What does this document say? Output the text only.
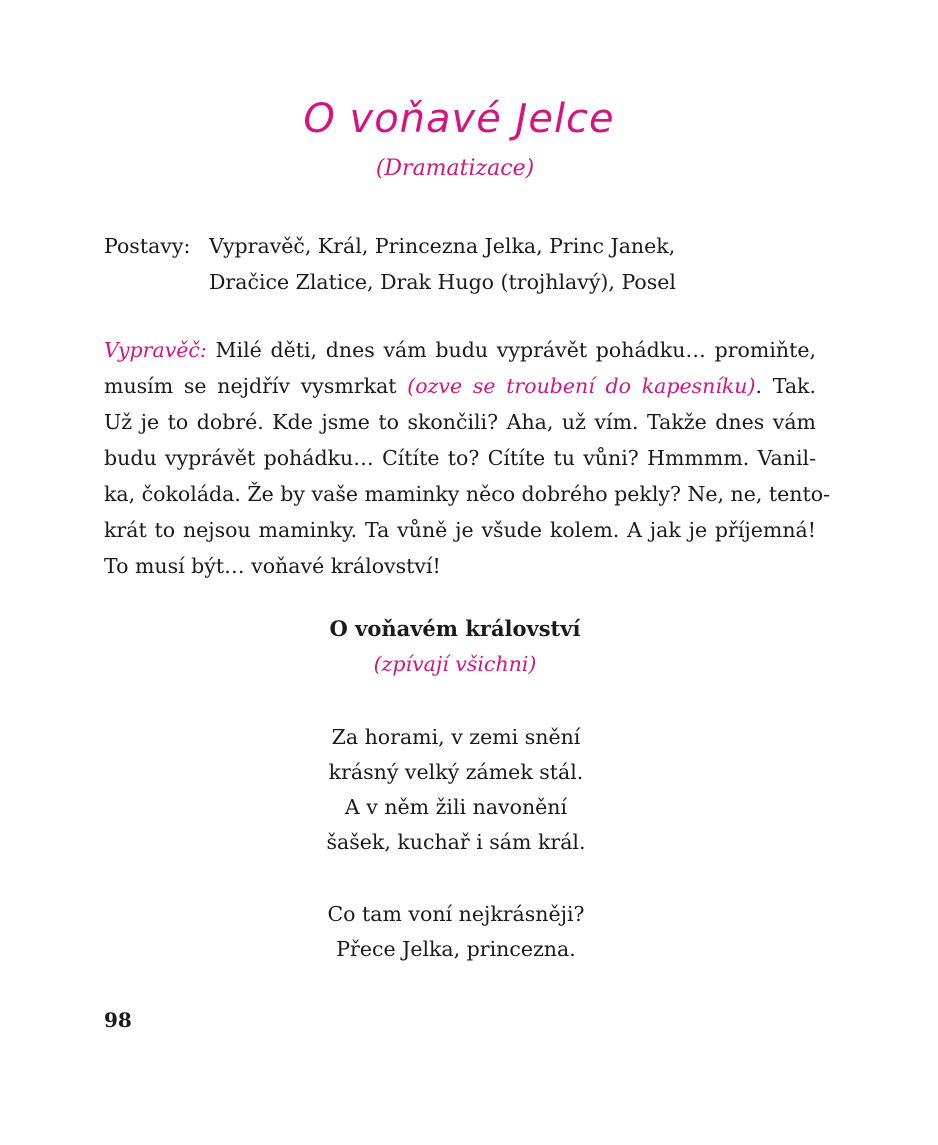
O voňavé Jelce
(Dramatizace)
Postavy: Vypravěč, Král, Princezna Jelka, Princ Janek,
Dračice Zlatice, Drak Hugo (trojhlavý), Posel
Vypravěč: Milé děti, dnes vám budu vyprávět pohádku… promiňte,
musím se nejdřív vysmrkat (ozve se troubení do kapesníku). Tak.
Už je to dobré. Kde jsme to skončili? Aha, už vím. Takže dnes vám
budu vyprávět pohádku… Cítíte to? Cítíte tu vůni? Hmmmm. Vanil-
ka, čokoláda. Že by vaše maminky něco dobrého pekly? Ne, ne, tento-
krát to nejsou maminky. Ta vůně je všude kolem. A jak je příjemná!
To musí být… voňavé království!
O voňavém království
(zpívají všichni)
Za horami, v zemi snění
krásný velký zámek stál.
A v něm žili navonění
šašek, kuchař i sám král.
Co tam voní nejkrásněji?
Přece Jelka, princezna.
98
